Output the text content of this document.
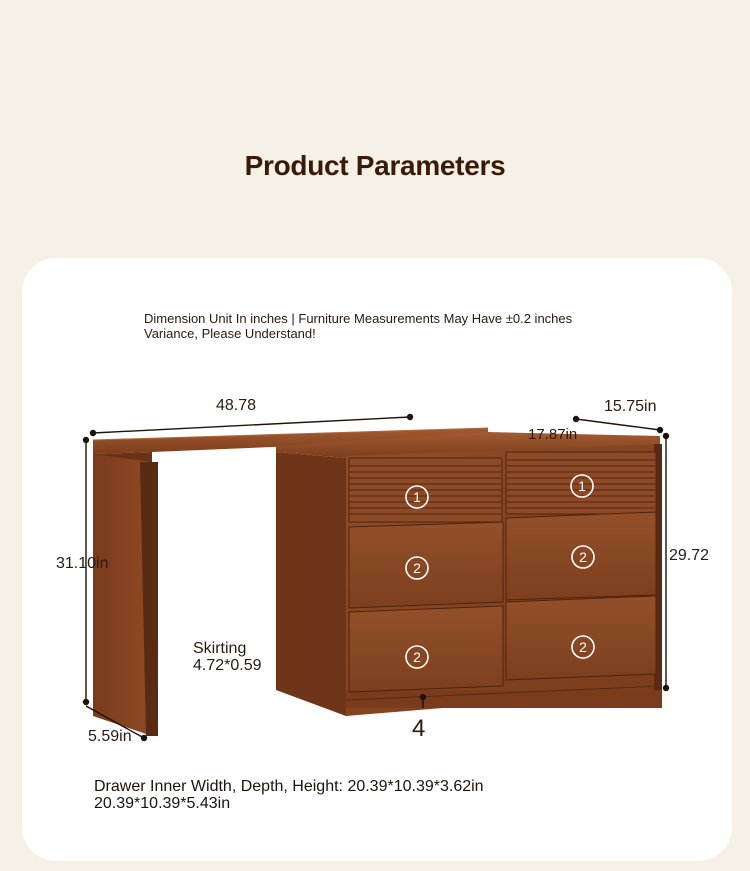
Product Parameters
Dimension Unit In inches | Furniture Measurements May Have ±0.2 inches
Variance, Please Understand!
1
1
2
2
2
2
48.78	15.75in
17.87in
29.72
31.10in
5.59in
Skirting
4.72*0.59
4
Drawer Inner Width, Depth, Height: 20.39*10.39*3.62in
20.39*10.39*5.43in
